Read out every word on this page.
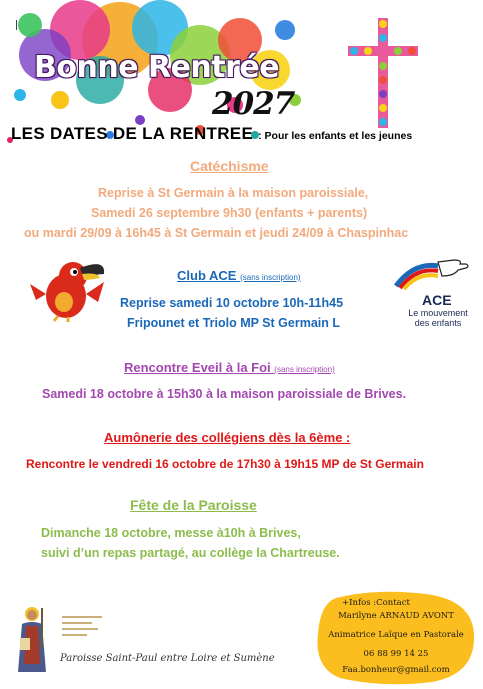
Bonne Rentrée
2027
LES DATES DE LA RENTREE : Pour les enfants et les jeunes
Catéchisme
Reprise à St Germain à la maison paroissiale,
Samedi 26 septembre 9h30 (enfants + parents)
ou mardi 29/09 à 16h45 à St Germain et jeudi 24/09 à Chaspinhac
Club ACE (sans inscription)
Reprise samedi 10 octobre 10h-11h45
Fripounet et Triolo MP St Germain L
ACE
Le mouvement
des enfants
Rencontre Eveil à la Foi (sans inscription)
Samedi 18 octobre à 15h30 à la maison paroissiale de Brives.
Aumônerie des collégiens dès la 6ème :
Rencontre le vendredi 16 octobre de 17h30 à 19h15 MP de St Germain
Fête de la Paroisse
Dimanche 18 octobre, messe à10h à Brives,
suivi d’un repas partagé, au collège la Chartreuse.
Paroisse Saint-Paul entre Loire et Sumène
+Infos :Contact
Marilyne ARNAUD AVONT
Animatrice Laïque en Pastorale
06 88 99 14 25
Faa.bonheur@gmail.com
